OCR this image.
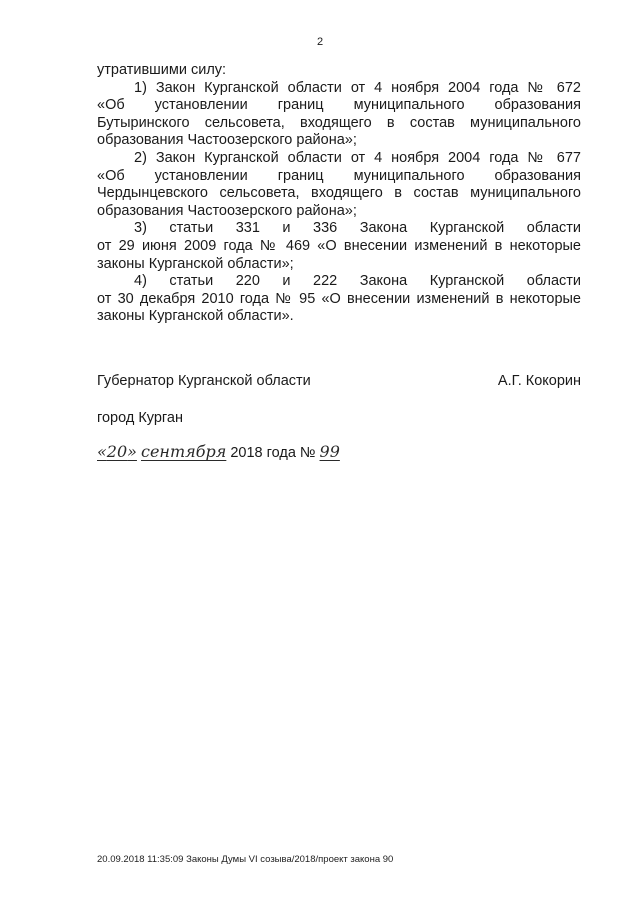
2
утратившими силу:
1) Закон Курганской области от 4 ноября 2004 года № 672
«Об установлении границ муниципального образования
Бутыринского сельсовета, входящего в состав муниципального
образования Частоозерского района»;
2) Закон Курганской области от 4 ноября 2004 года № 677
«Об установлении границ муниципального образования
Чердынцевского сельсовета, входящего в состав муниципального
образования Частоозерского района»;
3) статьи 331 и 336 Закона Курганской области
от 29 июня 2009 года № 469 «О внесении изменений в некоторые
законы Курганской области»;
4) статьи 220 и 222 Закона Курганской области
от 30 декабря 2010 года № 95 «О внесении изменений в некоторые
законы Курганской области».
Губернатор Курганской области	А.Г. Кокорин
город Курган
«20» сентября 2018 года № 99
20.09.2018 11:35:09 Законы Думы VI созыва/2018/проект закона 90
